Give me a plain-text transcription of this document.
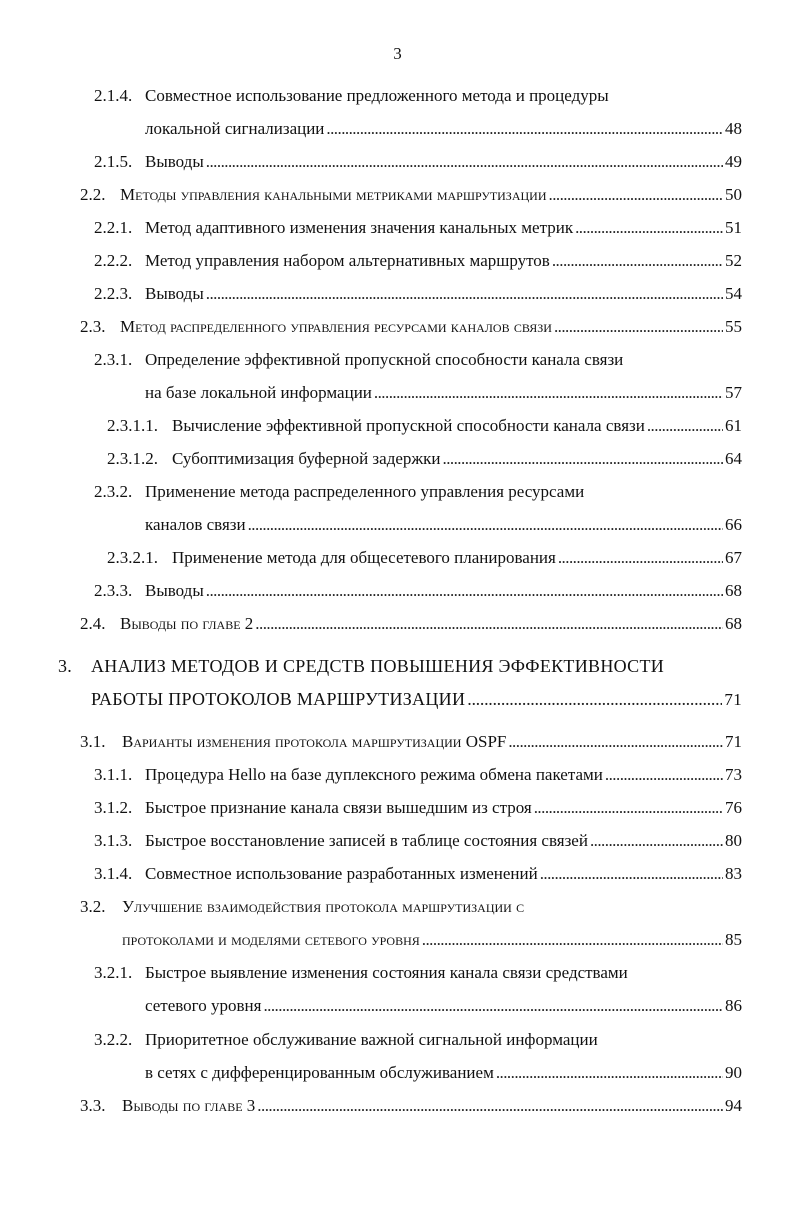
3
2.1.4. Совместное использование предложенного метода и процедуры
локальной сигнализации . . .	48
2.1.5. Выводы . . .	49
2.2. Методы управления канальными метриками маршрутизации . . .	50
2.2.1. Метод адаптивного изменения значения канальных метрик . . .	51
2.2.2. Метод управления набором альтернативных маршрутов . . .	52
2.2.3. Выводы . . .	54
2.3. Метод распределенного управления ресурсами каналов связи . . .	55
2.3.1. Определение эффективной пропускной способности канала связи
на базе локальной информации . . .	57
2.3.1.1. Вычисление эффективной пропускной способности канала связи . . .	61
2.3.1.2. Субоптимизация буферной задержки . . .	64
2.3.2. Применение метода распределенного управления ресурсами
каналов связи . . .	66
2.3.2.1. Применение метода для общесетевого планирования . . .	67
2.3.3. Выводы . . .	68
2.4. Выводы по главе 2 . . .	68
3. АНАЛИЗ МЕТОДОВ И СРЕДСТВ ПОВЫШЕНИЯ ЭФФЕКТИВНОСТИ
РАБОТЫ ПРОТОКОЛОВ МАРШРУТИЗАЦИИ . . .	71
3.1. Варианты изменения протокола маршрутизации OSPF . . .	71
3.1.1. Процедура Hello на базе дуплексного режима обмена пакетами . . .	73
3.1.2. Быстрое признание канала связи вышедшим из строя . . .	76
3.1.3. Быстрое восстановление записей в таблице состояния связей . . .	80
3.1.4. Совместное использование разработанных изменений . . .	83
3.2. Улучшение взаимодействия протокола маршрутизации с
протоколами и моделями сетевого уровня . . .	85
3.2.1. Быстрое выявление изменения состояния канала связи средствами
сетевого уровня . . .	86
3.2.2. Приоритетное обслуживание важной сигнальной информации
в сетях с дифференцированным обслуживанием . . .	90
3.3. Выводы по главе 3 . . .	94
